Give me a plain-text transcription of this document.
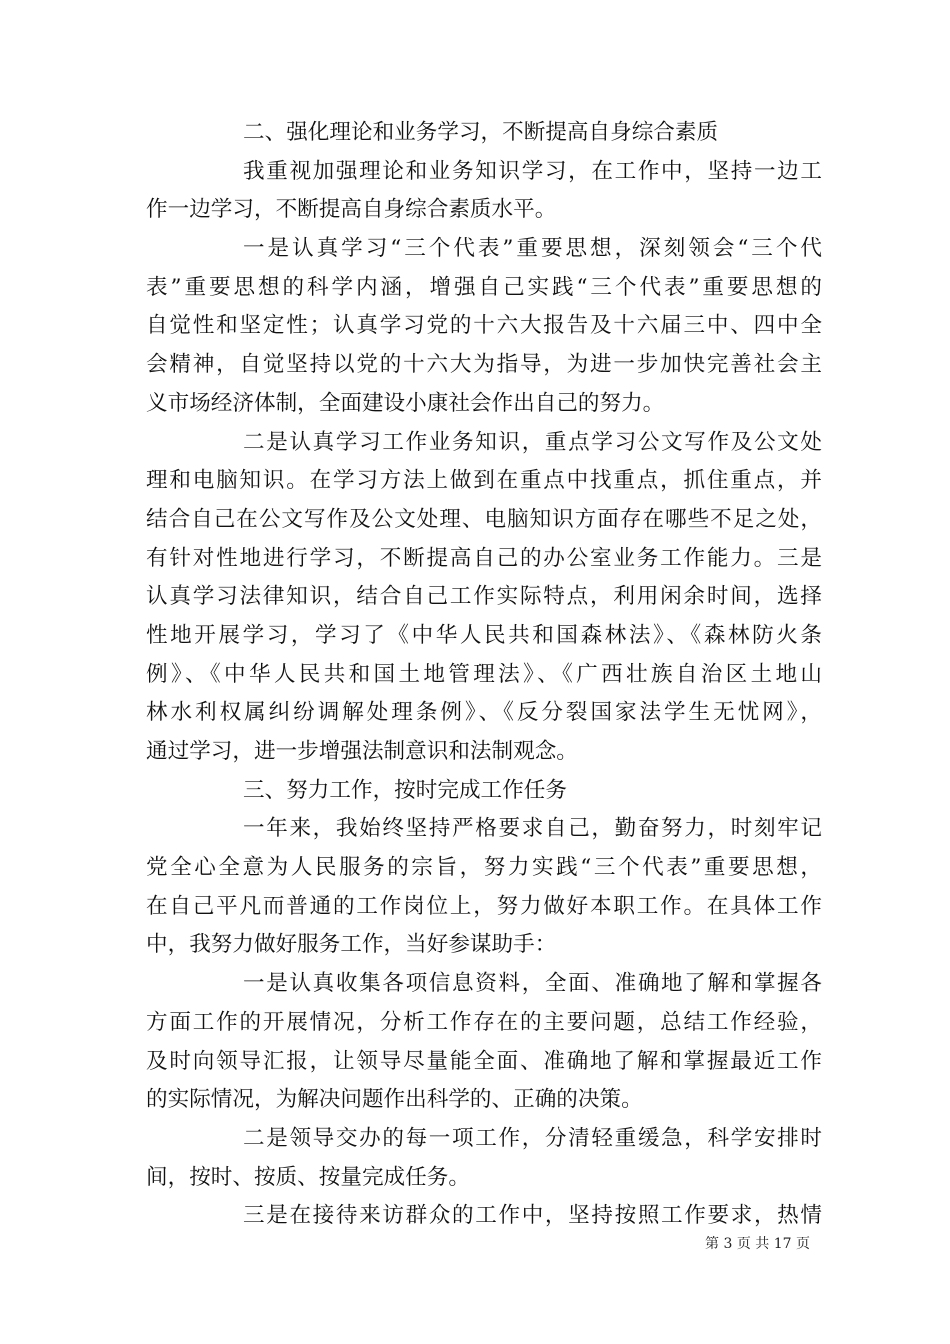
二、强化理论和业务学习，不断提高自身综合素质
我重视加强理论和业务知识学习，在工作中，坚持一边工
作一边学习，不断提高自身综合素质水平。
一是认真学习“三个代表”重要思想，深刻领会“三个代
表”重要思想的科学内涵，增强自己实践“三个代表”重要思想的
自觉性和坚定性；认真学习党的十六大报告及十六届三中、四中全
会精神，自觉坚持以党的十六大为指导，为进一步加快完善社会主
义市场经济体制，全面建设小康社会作出自己的努力。
二是认真学习工作业务知识，重点学习公文写作及公文处
理和电脑知识。在学习方法上做到在重点中找重点，抓住重点，并
结合自己在公文写作及公文处理、电脑知识方面存在哪些不足之处，
有针对性地进行学习，不断提高自己的办公室业务工作能力。三是
认真学习法律知识，结合自己工作实际特点，利用闲余时间，选择
性地开展学习，学习了《中华人民共和国森林法》、《森林防火条
例》、《中华人民共和国土地管理法》、《广西壮族自治区土地山
林水利权属纠纷调解处理条例》、《反分裂国家法学生无忧网》，
通过学习，进一步增强法制意识和法制观念。
三、努力工作，按时完成工作任务
一年来，我始终坚持严格要求自己，勤奋努力，时刻牢记
党全心全意为人民服务的宗旨，努力实践“三个代表”重要思想，
在自己平凡而普通的工作岗位上，努力做好本职工作。在具体工作
中，我努力做好服务工作，当好参谋助手：
一是认真收集各项信息资料，全面、准确地了解和掌握各
方面工作的开展情况，分析工作存在的主要问题，总结工作经验，
及时向领导汇报，让领导尽量能全面、准确地了解和掌握最近工作
的实际情况，为解决问题作出科学的、正确的决策。
二是领导交办的每一项工作，分清轻重缓急，科学安排时
间，按时、按质、按量完成任务。
三是在接待来访群众的工作中，坚持按照工作要求，热情
第 3 页 共 17 页
